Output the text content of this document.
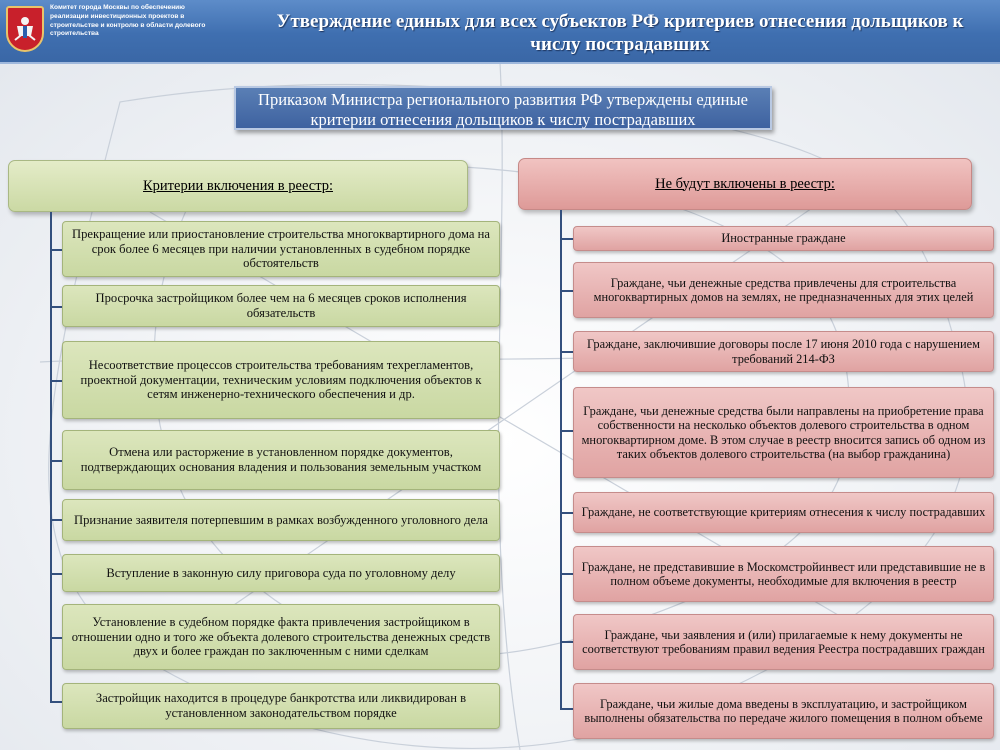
Комитет города Москвы по обеспечению реализации инвестиционных проектов в строительстве и контролю в области долевого строительства
Утверждение единых для всех субъектов РФ критериев отнесения дольщиков к числу пострадавших
Приказом Министра регионального развития РФ утверждены единые критерии отнесения дольщиков к числу пострадавших
Критерии включения в реестр:	Не будут включены в реестр:
Прекращение или приостановление строительства многоквартирного дома на срок более 6 месяцев при наличии установленных в судебном порядке обстоятельств
Просрочка застройщиком более чем на 6 месяцев сроков исполнения обязательств
Несоответствие процессов строительства требованиям техрегламентов, проектной документации, техническим условиям подключения объектов к сетям инженерно-технического обеспечения и др.
Отмена или расторжение в установленном порядке документов, подтверждающих основания владения и пользования земельным участком
Признание заявителя потерпевшим в рамках возбужденного уголовного дела
Вступление в законную силу приговора суда по уголовному делу
Установление в судебном порядке факта привлечения застройщиком в отношении одно и того же объекта долевого строительства денежных средств двух и более граждан по заключенным с ними сделкам
Застройщик находится в процедуре банкротства или ликвидирован в установленном законодательством порядке
Иностранные граждане
Граждане, чьи денежные средства привлечены для строительства многоквартирных домов на землях, не предназначенных для этих целей
Граждане, заключившие договоры после 17 июня 2010 года с нарушением требований 214-ФЗ
Граждане, чьи денежные средства были направлены на приобретение права собственности на несколько объектов долевого строительства в одном многоквартирном доме. В этом случае в реестр вносится запись об одном из таких объектов долевого строительства (на выбор гражданина)
Граждане, не соответствующие критериям отнесения к числу пострадавших
Граждане, не представившие в Москомстройинвест или представившие не в полном объеме документы, необходимые для включения в реестр
Граждане, чьи заявления и (или) прилагаемые к нему документы не соответствуют требованиям правил ведения Реестра пострадавших граждан
Граждане, чьи жилые дома введены в эксплуатацию, и застройщиком выполнены обязательства по передаче жилого помещения в полном объеме
